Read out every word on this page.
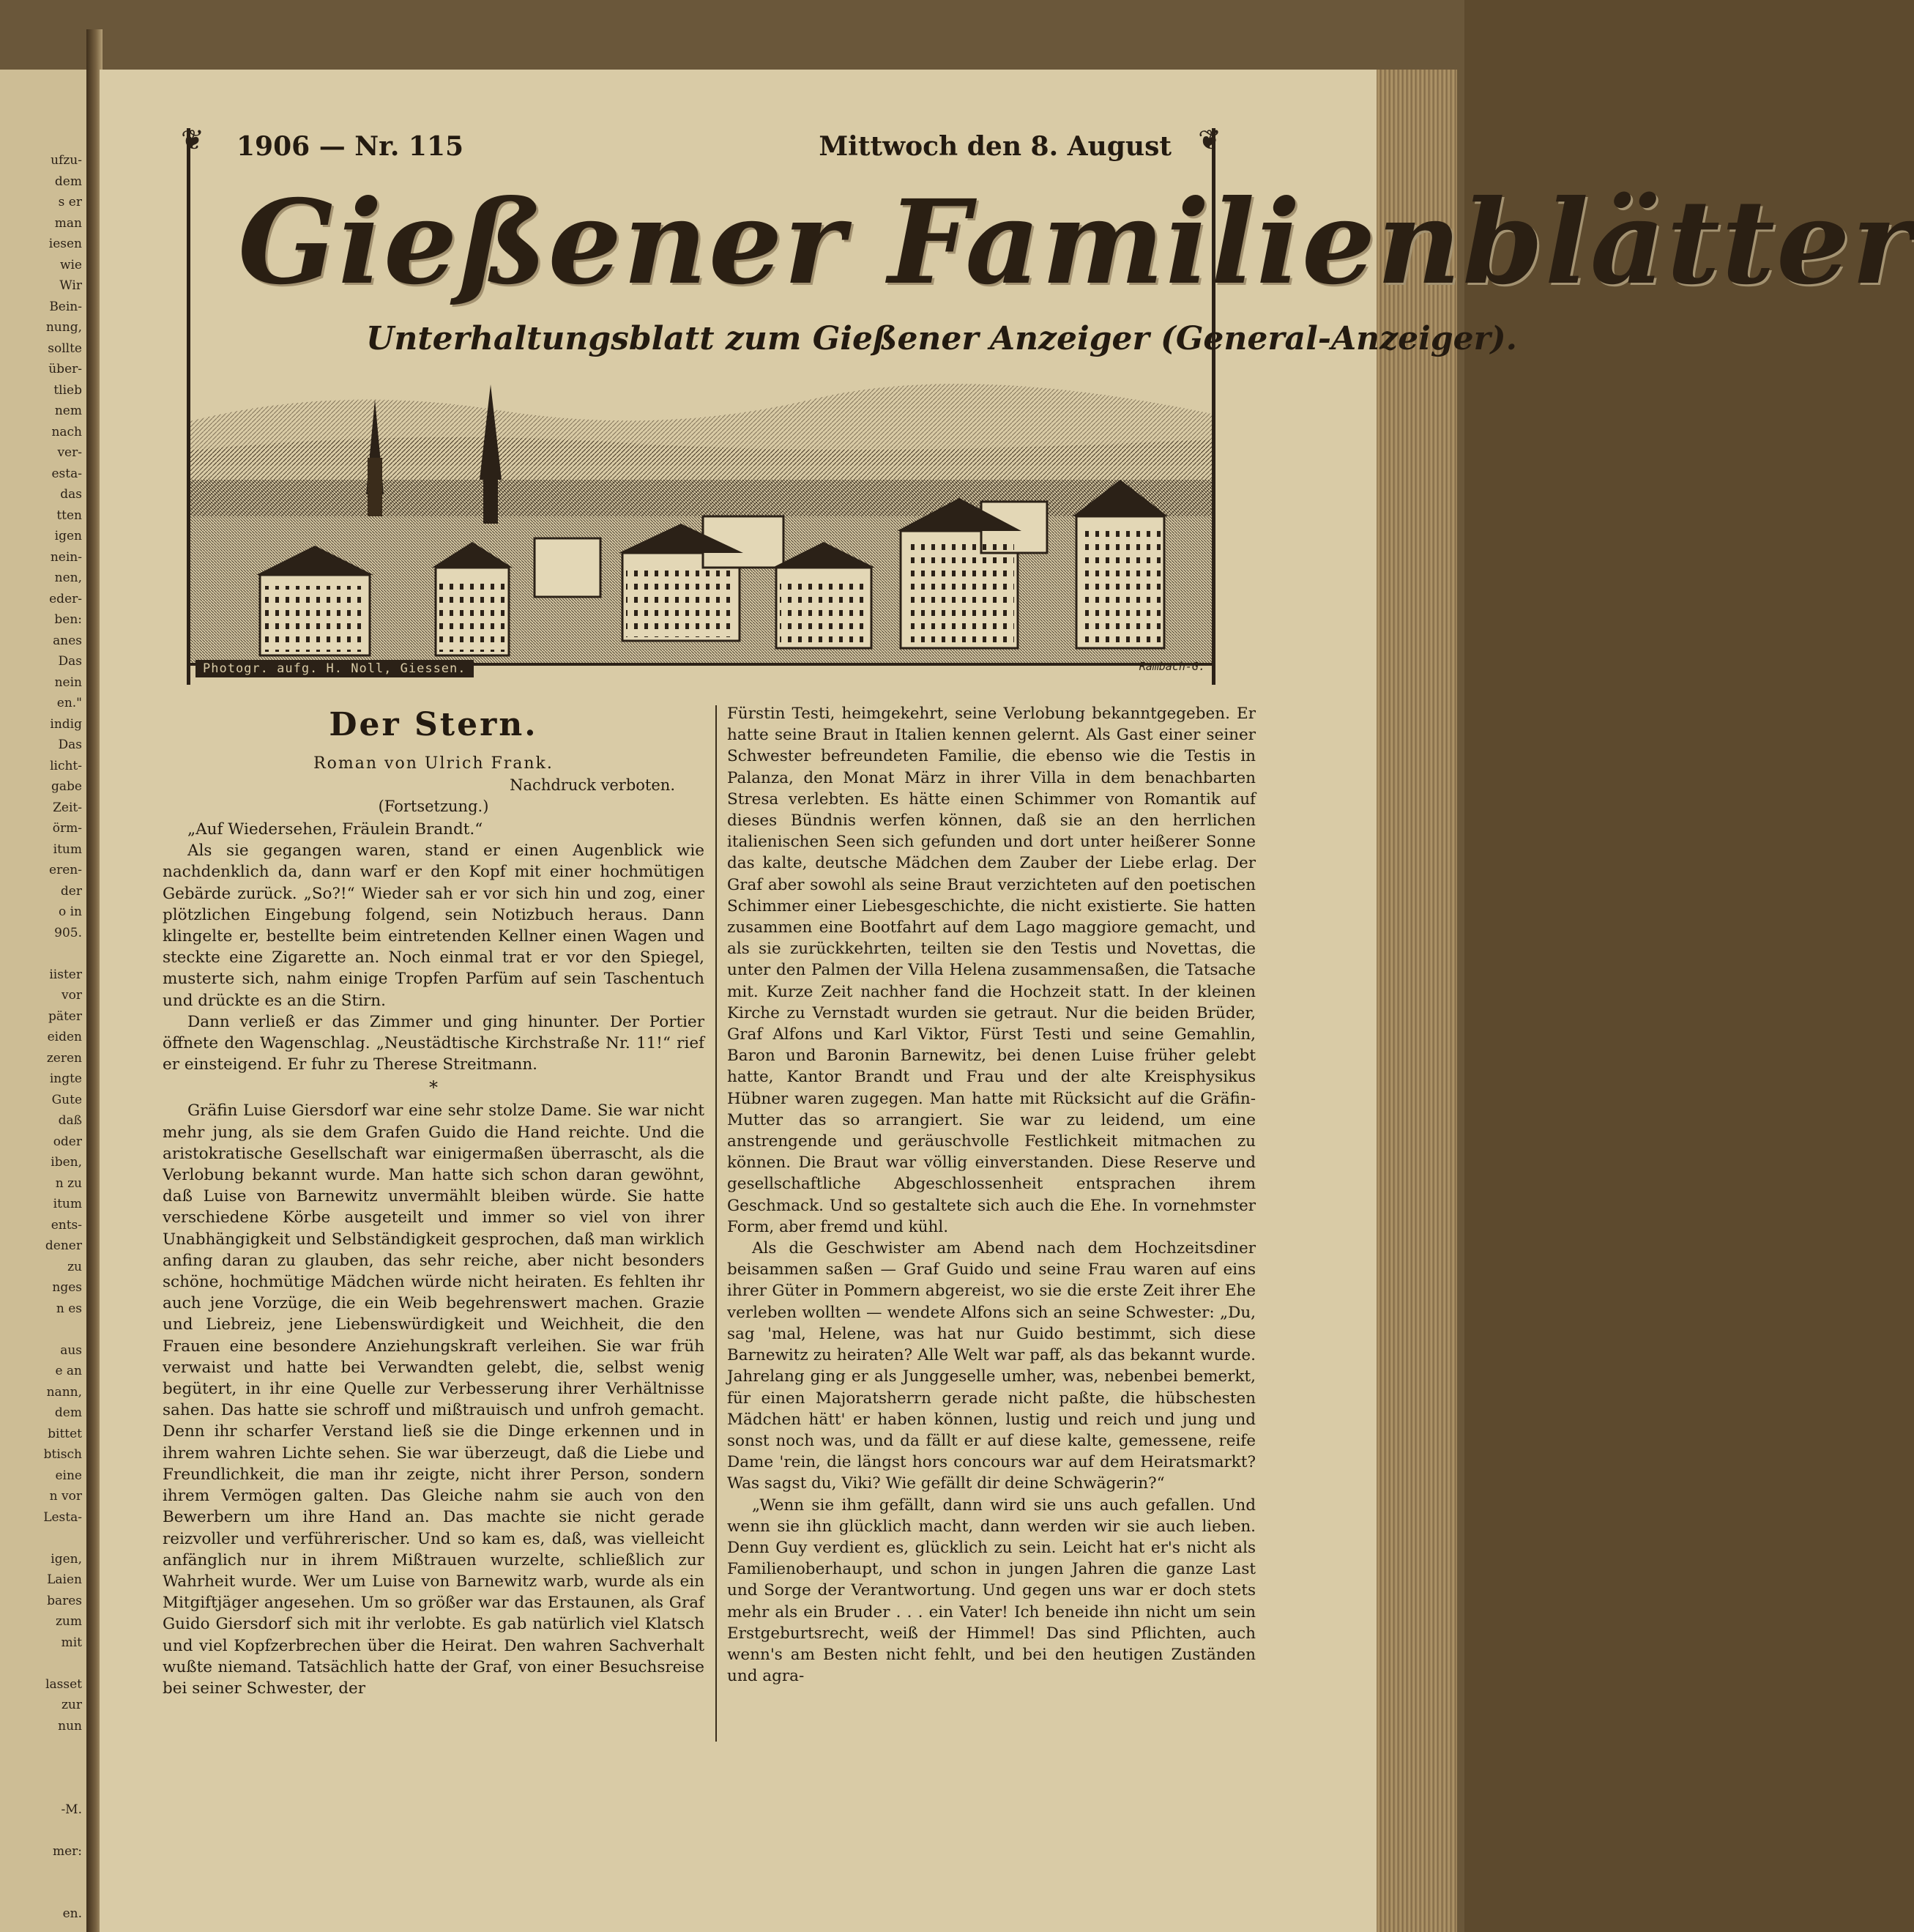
ufzu-
dem
s er
man
iesen
wie
Wir
Bein-
nung,
sollte
über-
tlieb
nem
nach
ver-
esta-
das
tten
igen
nein-
nen,
eder-
ben:
anes
Das
nein
en."
indig
Das
licht-
gabe
Zeit-
örm-
itum
eren-
der
o in
905.
iister
vor
päter
eiden
zeren
ingte
Gute
daß
oder
iben,
n zu
itum
ents-
dener
zu
nges
n es
aus
e an
nann,
dem
bittet
btisch
eine
n vor
Lesta-
igen,
Laien
bares
zum
mit
lasset
zur
nun
-M.
mer:
en.
❦	❦
1906 — Nr. 115	Mittwoch den 8. August
Gießener Familienblätter
Unterhaltungsblatt zum Gießener Anzeiger (General-Anzeiger).
Photogr. aufg. H. Noll, Giessen.	Rambach-G.
Der Stern.
Roman von Ulrich Frank.
Nachdruck verboten.
(Fortsetzung.)

„Auf Wiedersehen, Fräulein Brandt.“

Als sie gegangen waren, stand er einen Augenblick wie nachdenklich da, dann warf er den Kopf mit einer hochmütigen Gebärde zurück. „So?!“ Wieder sah er vor sich hin und zog, einer plötzlichen Eingebung folgend, sein Notizbuch heraus. Dann klingelte er, bestellte beim eintretenden Kellner einen Wagen und steckte eine Zigarette an. Noch einmal trat er vor den Spiegel, musterte sich, nahm einige Tropfen Parfüm auf sein Taschentuch und drückte es an die Stirn.

Dann verließ er das Zimmer und ging hinunter. Der Portier öffnete den Wagenschlag. „Neustädtische Kirchstraße Nr. 11!“ rief er einsteigend. Er fuhr zu Therese Streitmann.

*

Gräfin Luise Giersdorf war eine sehr stolze Dame. Sie war nicht mehr jung, als sie dem Grafen Guido die Hand reichte. Und die aristokratische Gesellschaft war einigermaßen überrascht, als die Verlobung bekannt wurde. Man hatte sich schon daran gewöhnt, daß Luise von Barnewitz unvermählt bleiben würde. Sie hatte verschiedene Körbe ausgeteilt und immer so viel von ihrer Unabhängigkeit und Selbständigkeit gesprochen, daß man wirklich anfing daran zu glauben, das sehr reiche, aber nicht besonders schöne, hochmütige Mädchen würde nicht heiraten. Es fehlten ihr auch jene Vorzüge, die ein Weib begehrenswert machen. Grazie und Liebreiz, jene Liebenswürdigkeit und Weichheit, die den Frauen eine besondere Anziehungskraft verleihen. Sie war früh verwaist und hatte bei Verwandten gelebt, die, selbst wenig begütert, in ihr eine Quelle zur Verbesserung ihrer Verhältnisse sahen. Das hatte sie schroff und mißtrauisch und unfroh gemacht. Denn ihr scharfer Verstand ließ sie die Dinge erkennen und in ihrem wahren Lichte sehen. Sie war überzeugt, daß die Liebe und Freundlichkeit, die man ihr zeigte, nicht ihrer Person, sondern ihrem Vermögen galten. Das Gleiche nahm sie auch von den Bewerbern um ihre Hand an. Das machte sie nicht gerade reizvoller und verführerischer. Und so kam es, daß, was vielleicht anfänglich nur in ihrem Mißtrauen wurzelte, schließlich zur Wahrheit wurde. Wer um Luise von Barnewitz warb, wurde als ein Mitgiftjäger angesehen. Um so größer war das Erstaunen, als Graf Guido Giersdorf sich mit ihr verlobte. Es gab natürlich viel Klatsch und viel Kopfzerbrechen über die Heirat. Den wahren Sachverhalt wußte niemand. Tatsächlich hatte der Graf, von einer Besuchsreise bei seiner Schwester, der

Fürstin Testi, heimgekehrt, seine Verlobung bekanntgegeben. Er hatte seine Braut in Italien kennen gelernt. Als Gast einer seiner Schwester befreundeten Familie, die ebenso wie die Testis in Palanza, den Monat März in ihrer Villa in dem benachbarten Stresa verlebten. Es hätte einen Schimmer von Romantik auf dieses Bündnis werfen können, daß sie an den herrlichen italienischen Seen sich gefunden und dort unter heißerer Sonne das kalte, deutsche Mädchen dem Zauber der Liebe erlag. Der Graf aber sowohl als seine Braut verzichteten auf den poetischen Schimmer einer Liebesgeschichte, die nicht existierte. Sie hatten zusammen eine Bootfahrt auf dem Lago maggiore gemacht, und als sie zurückkehrten, teilten sie den Testis und Novettas, die unter den Palmen der Villa Helena zusammensaßen, die Tatsache mit. Kurze Zeit nachher fand die Hochzeit statt. In der kleinen Kirche zu Vernstadt wurden sie getraut. Nur die beiden Brüder, Graf Alfons und Karl Viktor, Fürst Testi und seine Gemahlin, Baron und Baronin Barnewitz, bei denen Luise früher gelebt hatte, Kantor Brandt und Frau und der alte Kreisphysikus Hübner waren zugegen. Man hatte mit Rücksicht auf die Gräfin-Mutter das so arrangiert. Sie war zu leidend, um eine anstrengende und geräuschvolle Festlichkeit mitmachen zu können. Die Braut war völlig einverstanden. Diese Reserve und gesellschaftliche Abgeschlossenheit entsprachen ihrem Geschmack. Und so gestaltete sich auch die Ehe. In vornehmster Form, aber fremd und kühl.

Als die Geschwister am Abend nach dem Hochzeitsdiner beisammen saßen — Graf Guido und seine Frau waren auf eins ihrer Güter in Pommern abgereist, wo sie die erste Zeit ihrer Ehe verleben wollten — wendete Alfons sich an seine Schwester: „Du, sag 'mal, Helene, was hat nur Guido bestimmt, sich diese Barnewitz zu heiraten? Alle Welt war paff, als das bekannt wurde. Jahrelang ging er als Junggeselle umher, was, nebenbei bemerkt, für einen Majoratsherrn gerade nicht paßte, die hübschesten Mädchen hätt' er haben können, lustig und reich und jung und sonst noch was, und da fällt er auf diese kalte, gemessene, reife Dame 'rein, die längst hors concours war auf dem Heiratsmarkt? Was sagst du, Viki? Wie gefällt dir deine Schwägerin?“

„Wenn sie ihm gefällt, dann wird sie uns auch gefallen. Und wenn sie ihn glücklich macht, dann werden wir sie auch lieben. Denn Guy verdient es, glücklich zu sein. Leicht hat er's nicht als Familienoberhaupt, und schon in jungen Jahren die ganze Last und Sorge der Verantwortung. Und gegen uns war er doch stets mehr als ein Bruder . . . ein Vater! Ich beneide ihn nicht um sein Erstgeburtsrecht, weiß der Himmel! Das sind Pflichten, auch wenn's am Besten nicht fehlt, und bei den heutigen Zuständen und agra-
